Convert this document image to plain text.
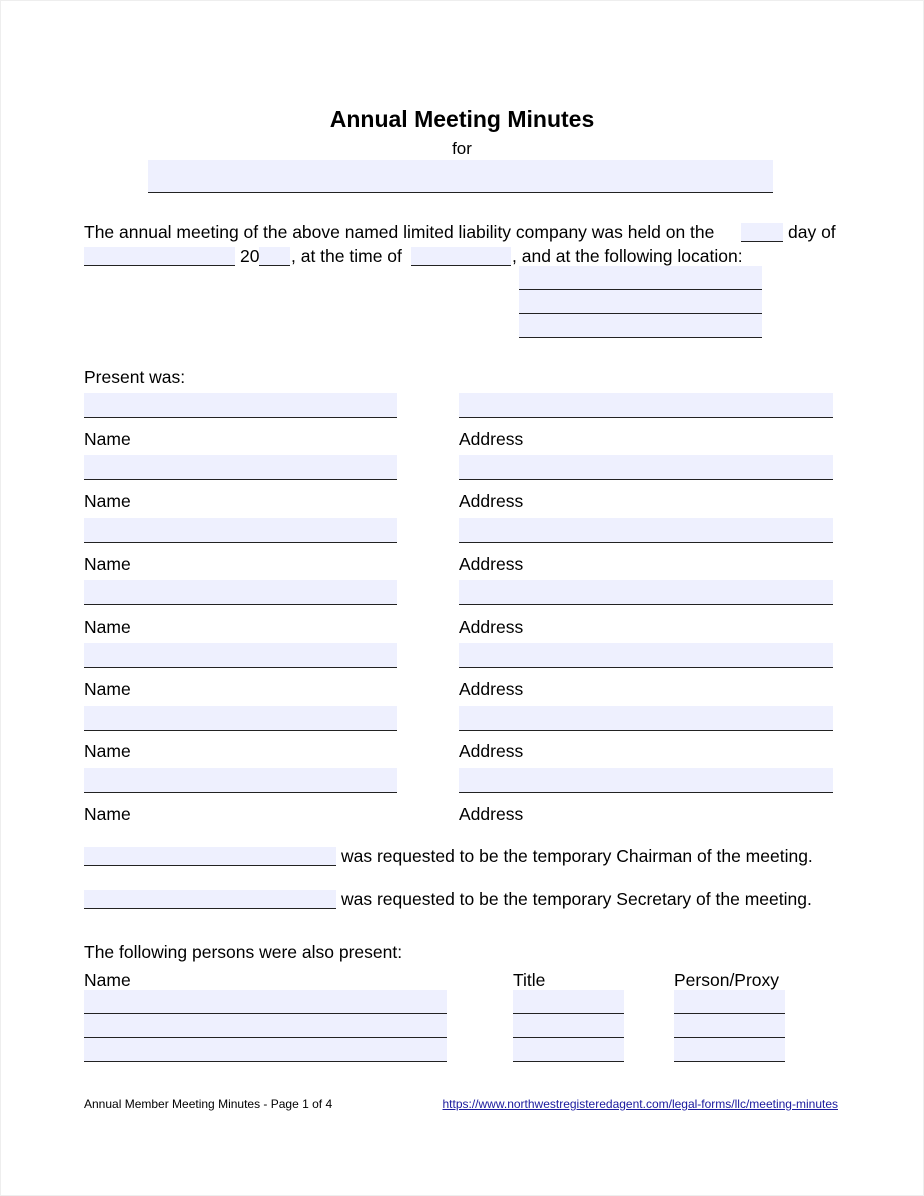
Annual Meeting Minutes
for
The annual meeting of the above named limited liability company was held on the	day of
20 , at the time of	, and at the following location:
Present was:
Name	Address
Name	Address
Name	Address
Name	Address
Name	Address
Name	Address
Name	Address
was requested to be the temporary Chairman of the meeting.
was requested to be the temporary Secretary of the meeting.
The following persons were also present:
Name	Title	Person/Proxy
Annual Member Meeting Minutes - Page 1 of 4	https://www.northwestregisteredagent.com/legal-forms/llc/meeting-minutes
